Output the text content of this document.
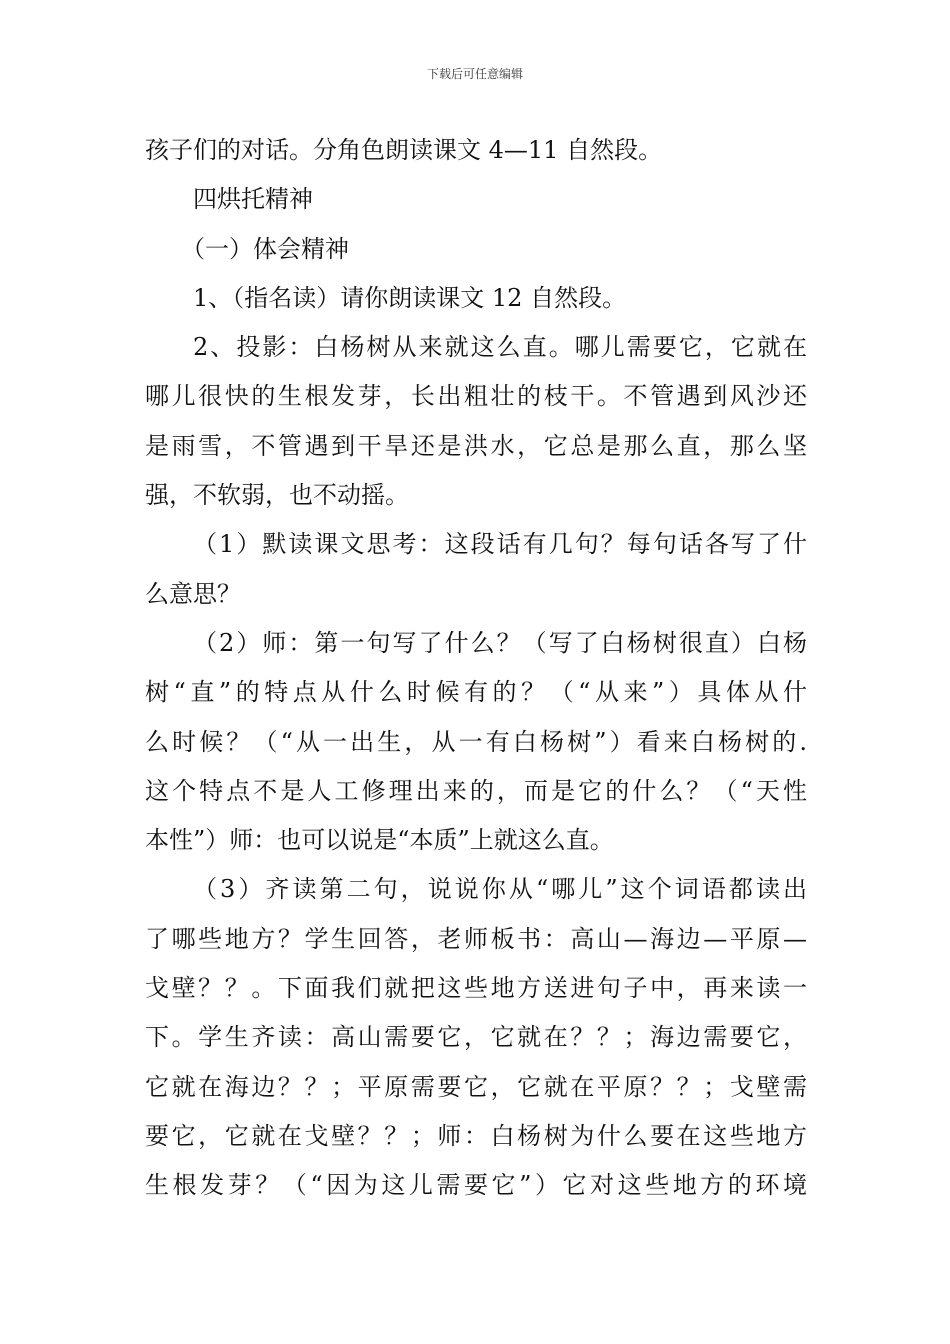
下载后可任意编辑
孩子们的对话。分角色朗读课文 4—11 自然段。
四烘托精神
（一）体会精神
1、（指名读）请你朗读课文 12 自然段。
2、投影：白杨树从来就这么直。哪儿需要它，它就在
哪儿很快的生根发芽，长出粗壮的枝干。不管遇到风沙还
是雨雪，不管遇到干旱还是洪水，它总是那么直，那么坚
强，不软弱，也不动摇。
（1）默读课文思考：这段话有几句？每句话各写了什
么意思？
（2）师：第一句写了什么？（写了白杨树很直）白杨
树“直”的特点从什么时候有的？（“从来”）具体从什
么时候？（“从一出生，从一有白杨树”）看来白杨树的.
这个特点不是人工修理出来的，而是它的什么？（“天性
本性”）师：也可以说是“本质”上就这么直。
（3）齐读第二句，说说你从“哪儿”这个词语都读出
了哪些地方？学生回答，老师板书：高山—海边—平原—
戈壁？？。下面我们就把这些地方送进句子中，再来读一
下。学生齐读：高山需要它，它就在？？；海边需要它，
它就在海边？？；平原需要它，它就在平原？？；戈壁需
要它，它就在戈壁？？；师：白杨树为什么要在这些地方
生根发芽？（“因为这儿需要它”）它对这些地方的环境
